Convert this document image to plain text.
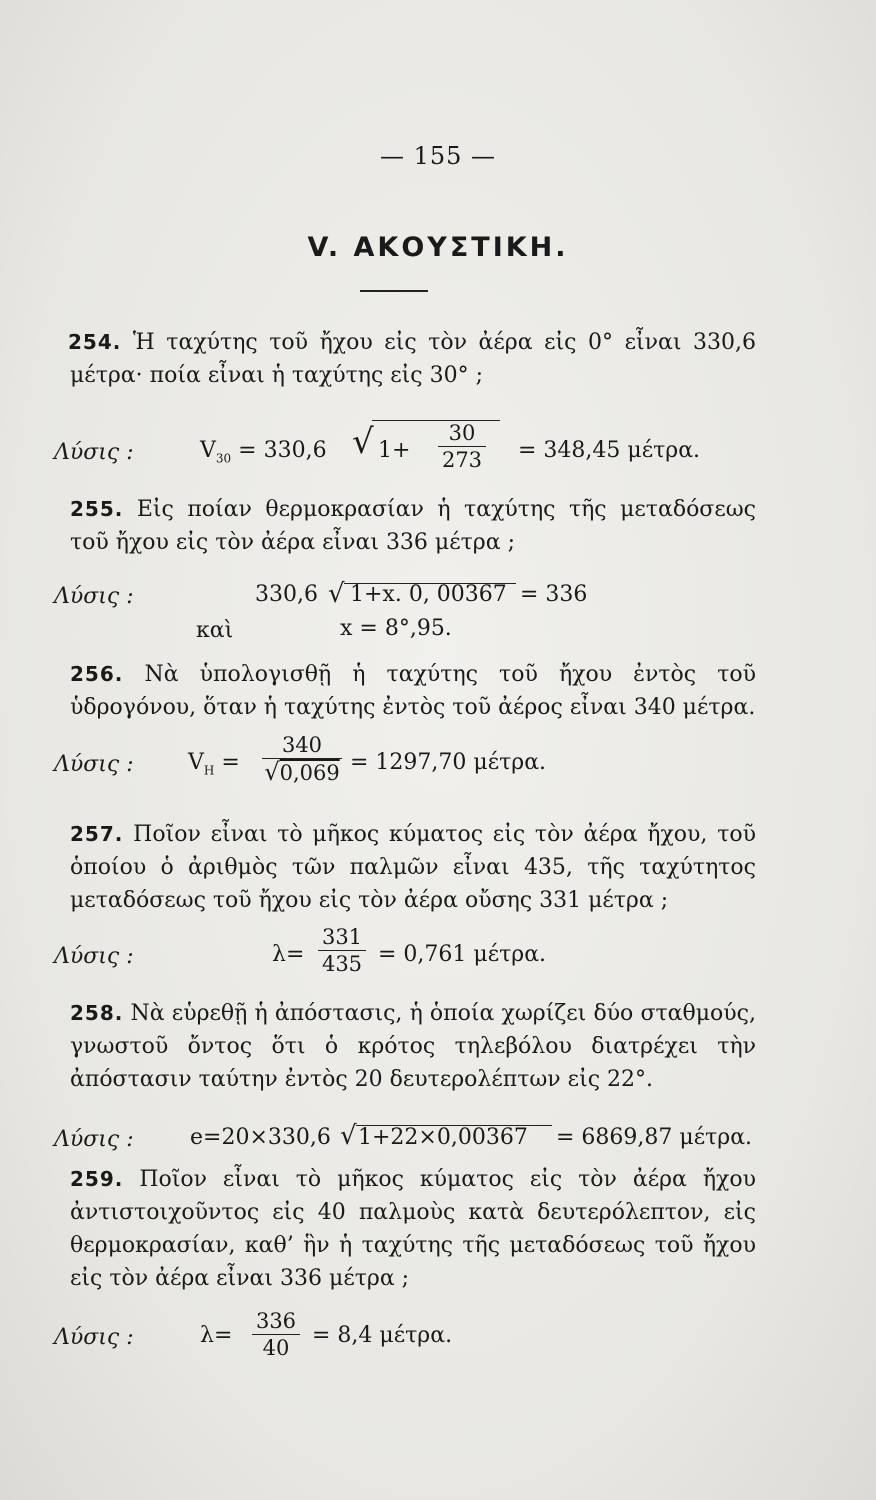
— 155 —
V. ΑΚΟΥΣΤΙΚΗ.
254. Ἡ ταχύτης τοῦ ἤχου εἰς τὸν ἀέρα εἰς 0° εἶναι 330,6 μέτρα· ποία εἶναι ἡ ταχύτης εἰς 30° ;
Λύσις :	$V_{30} = 330,6$ √ 1+
30
273 = 348,45 μέτρα.
255. Εἰς ποίαν θερμοκρασίαν ἡ ταχύτης τῆς μεταδόσεως τοῦ ἤχου εἰς τὸν ἀέρα εἶναι 336 μέτρα ;
Λύσις :	330,6 √ 1+x. 0, 00367 = 336
καὶ	x = 8°,95.
256. Νὰ ὑπολογισθῇ ἡ ταχύτης τοῦ ἤχου ἐντὸς τοῦ ὑδρογόνου, ὅταν ἡ ταχύτης ἐντὸς τοῦ ἀέρος εἶναι 340 μέτρα.
Λύσις : $V_H$ =
340
√0,069 = 1297,70 μέτρα.
257. Ποῖον εἶναι τὸ μῆκος κύματος εἰς τὸν ἀέρα ἤχου, τοῦ ὁποίου ὁ ἀριθμὸς τῶν παλμῶν εἶναι 435, τῆς ταχύτητος μεταδόσεως τοῦ ἤχου εἰς τὸν ἀέρα οὔσης 331 μέτρα ;
Λύσις :	λ=
331
435 = 0,761 μέτρα.
258. Νὰ εὑρεθῇ ἡ ἀπόστασις, ἡ ὁποία χωρίζει δύο σταθμούς, γνωστοῦ ὄντος ὅτι ὁ κρότος τηλεβόλου διατρέχει τὴν ἀπόστασιν ταύτην ἐντὸς 20 δευτερολέπτων εἰς 22°.
Λύσις :	e=20×330,6 √ 1+22×0,00367 = 6869,87 μέτρα.
259. Ποῖον εἶναι τὸ μῆκος κύματος εἰς τὸν ἀέρα ἤχου ἀντιστοιχοῦντος εἰς 40 παλμοὺς κατὰ δευτερόλεπτον, εἰς θερμοκρασίαν, καθ’ ἣν ἡ ταχύτης τῆς μεταδόσεως τοῦ ἤχου εἰς τὸν ἀέρα εἶναι 336 μέτρα ;
Λύσις :	λ=
336
40	= 8,4 μέτρα.
